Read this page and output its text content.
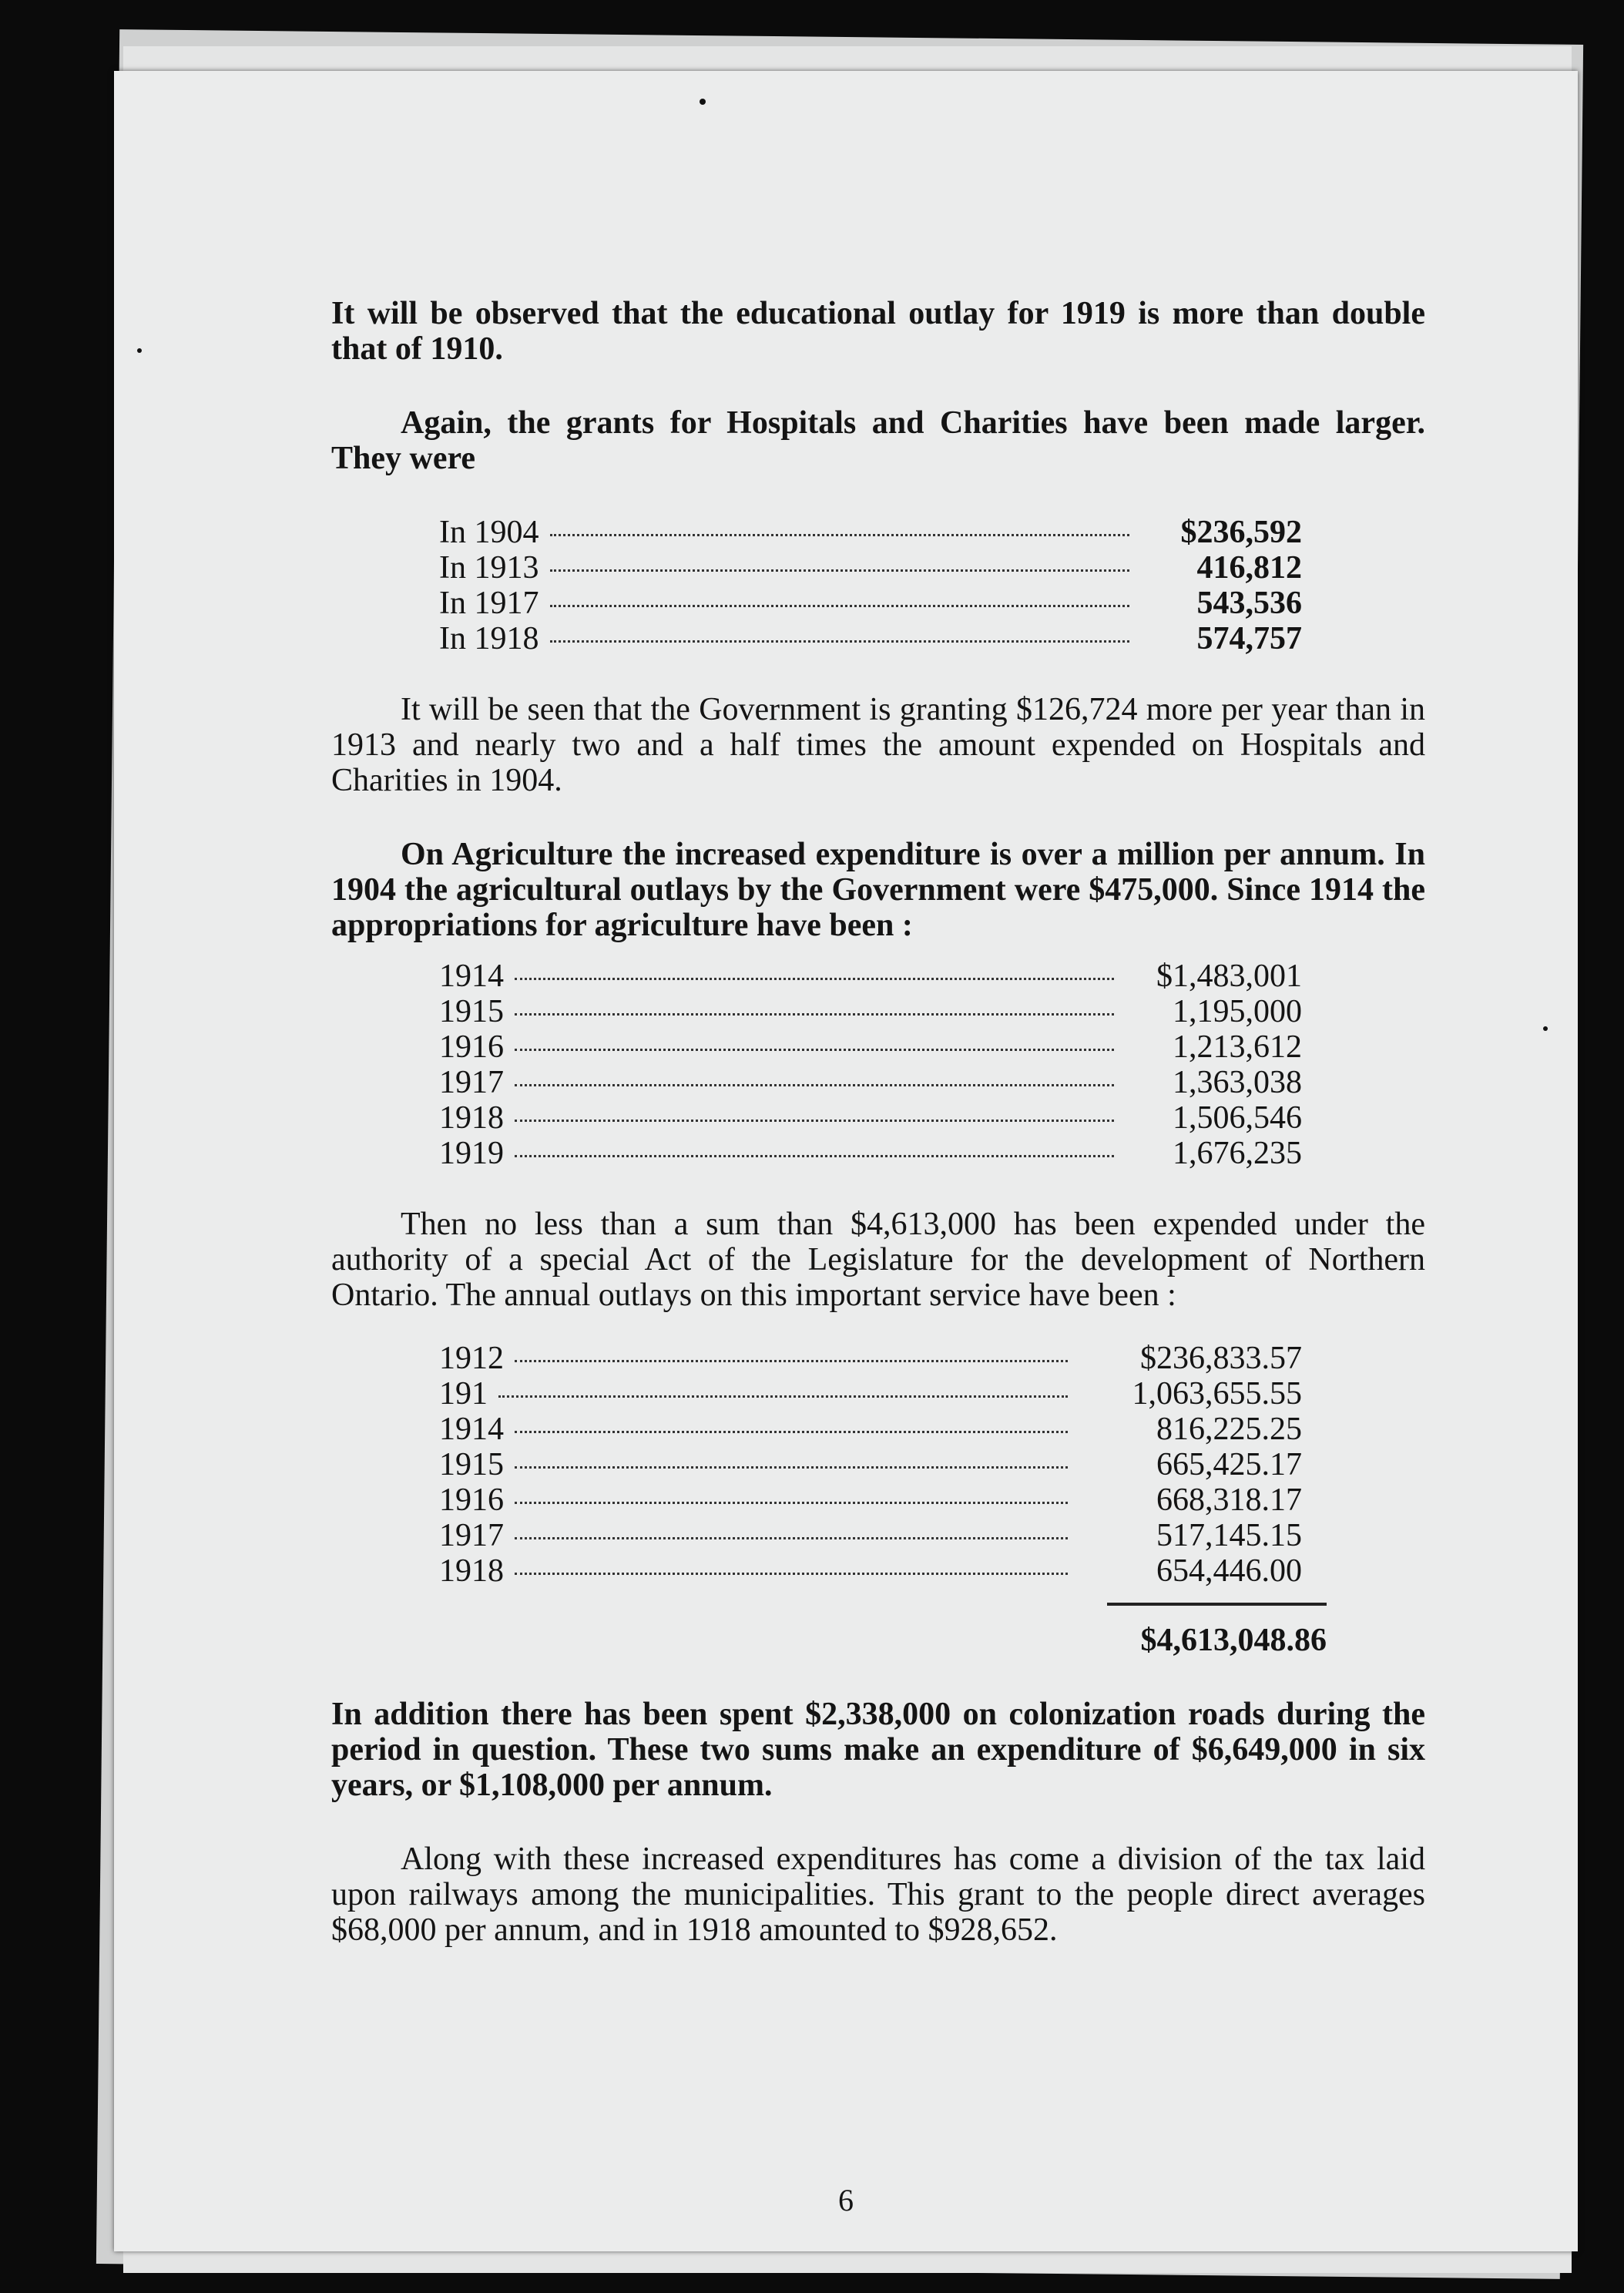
It will be observed that the educational outlay for 1919 is more than double that of 1910.

Again, the grants for Hospitals and Charities have been made larger. They were

In 1904	$236,592
In 1913	416,812
In 1917	543,536
In 1918	574,757

It will be seen that the Government is granting $126,724 more per year than in 1913 and nearly two and a half times the amount expended on Hospitals and Charities in 1904.

On Agriculture the increased expenditure is over a million per annum. In 1904 the agricultural outlays by the Government were $475,000. Since 1914 the appropriations for agriculture have been :

1914	$1,483,001
1915	1,195,000
1916	1,213,612
1917	1,363,038
1918	1,506,546
1919	1,676,235

Then no less than a sum than $4,613,000 has been expended under the authority of a special Act of the Legislature for the development of Northern Ontario. The annual outlays on this important service have been :

1912	$236,833.57
191	1,063,655.55
1914	816,225.25
1915	665,425.17
1916	668,318.17
1917	517,145.15
1918	654,446.00
$4,613,048.86

In addition there has been spent $2,338,000 on colonization roads during the period in question. These two sums make an expenditure of $6,649,000 in six years, or $1,108,000 per annum.

Along with these increased expenditures has come a division of the tax laid upon railways among the municipalities. This grant to the people direct averages $68,000 per annum, and in 1918 amounted to $928,652.

6
